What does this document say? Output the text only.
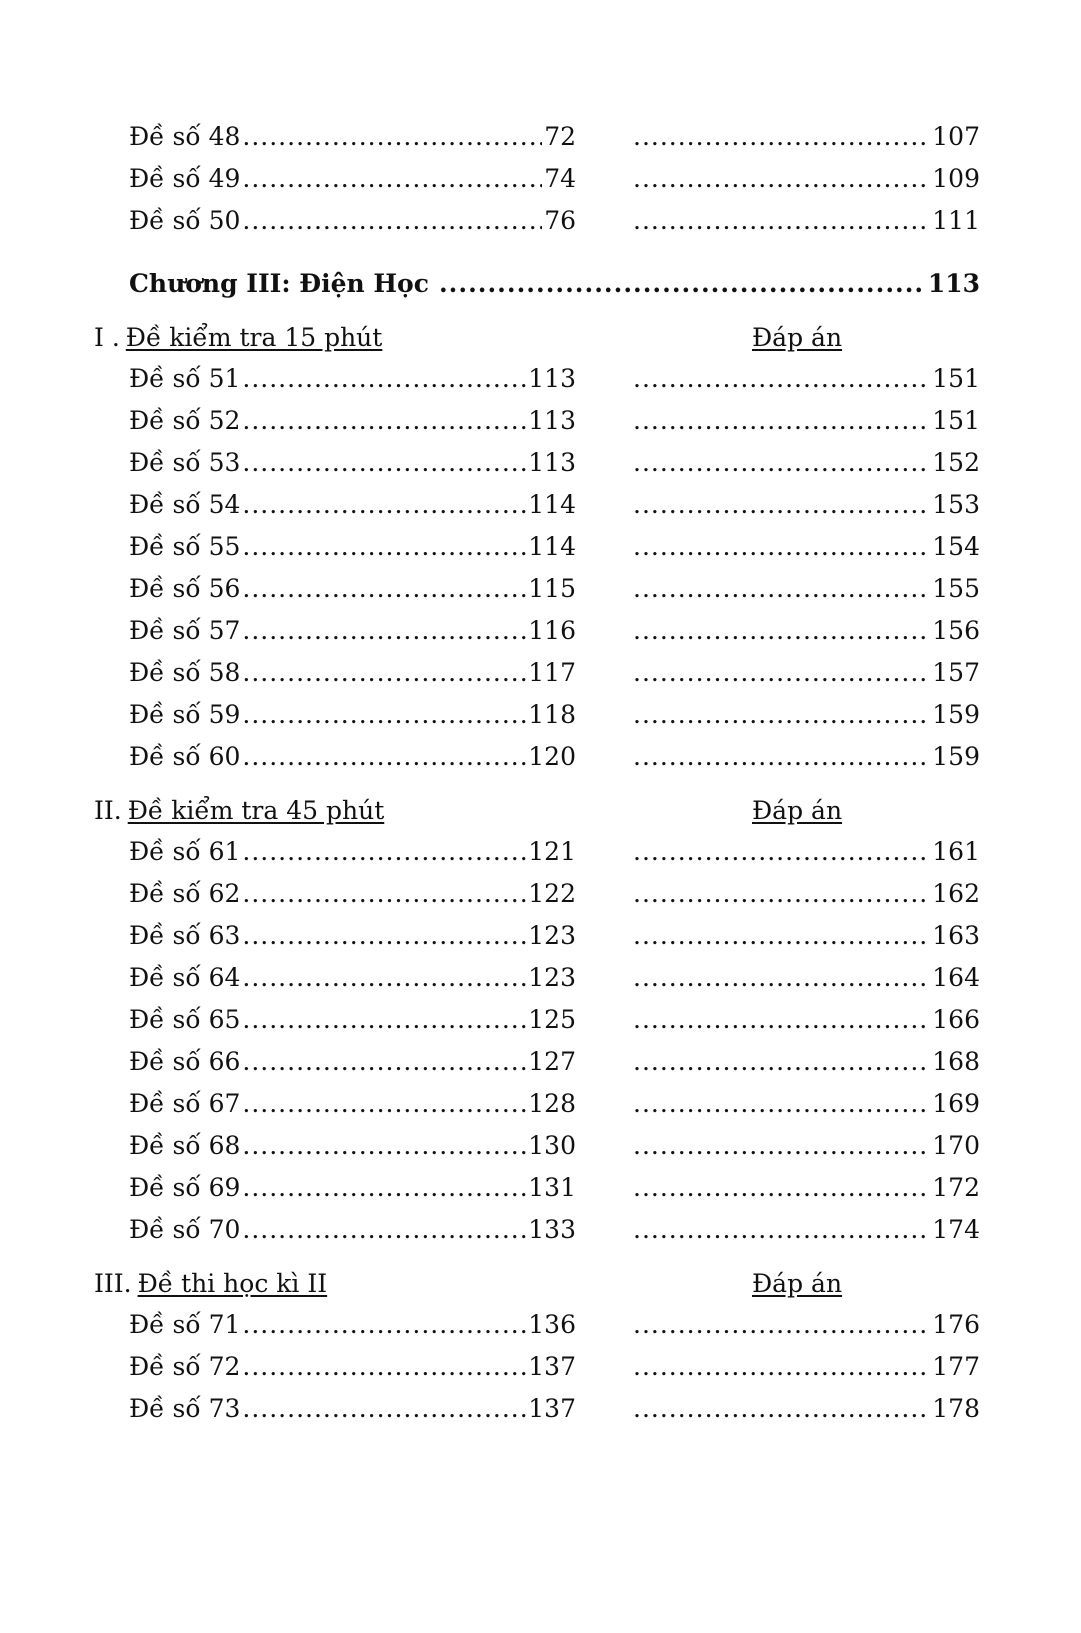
Đề số 48 .....	72 .....	107
Đề số 49 .....	74 .....	109
Đề số 50 .....	76 .....	111
Chương III: Điện Học .....	113
I . Đề kiểm tra 15 phút	Đáp án
Đề số 51 .....	113 .....	151
Đề số 52 .....	113 .....	151
Đề số 53 .....	113 .....	152
Đề số 54 .....	114 .....	153
Đề số 55 .....	114 .....	154
Đề số 56 .....	115 .....	155
Đề số 57 .....	116 .....	156
Đề số 58 .....	117 .....	157
Đề số 59 .....	118 .....	159
Đề số 60 .....	120 .....	159
II. Đề kiểm tra 45 phút	Đáp án
Đề số 61 .....	121 .....	161
Đề số 62 .....	122 .....	162
Đề số 63 .....	123 .....	163
Đề số 64 .....	123 .....	164
Đề số 65 .....	125 .....	166
Đề số 66 .....	127 .....	168
Đề số 67 .....	128 .....	169
Đề số 68 .....	130 .....	170
Đề số 69 .....	131 .....	172
Đề số 70 .....	133 .....	174
III. Đề thi học kì II	Đáp án
Đề số 71 .....	136 .....	176
Đề số 72 .....	137 .....	177
Đề số 73 .....	137 .....	178
